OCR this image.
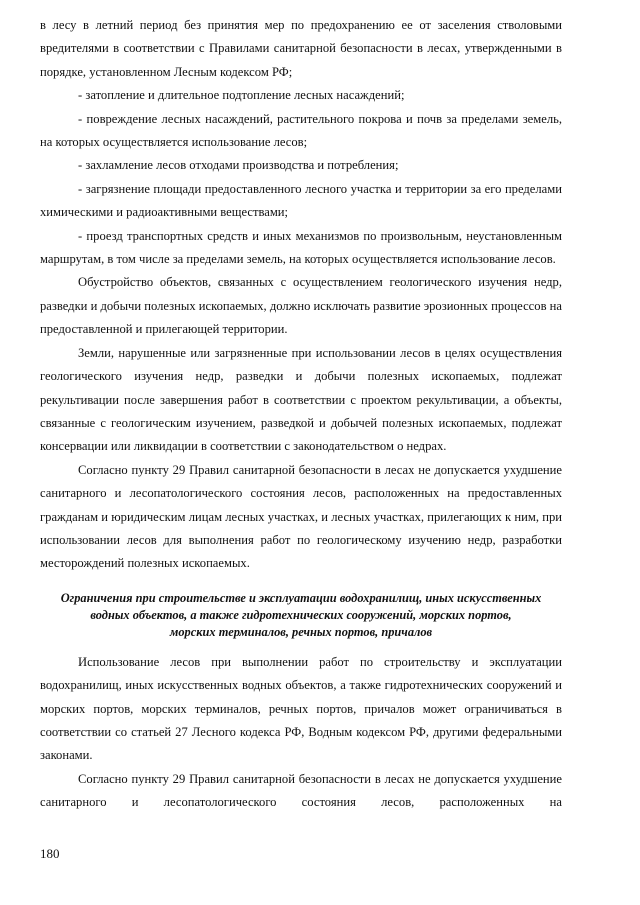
в лесу в летний период без принятия мер по предохранению ее от заселения стволовыми вредителями в соответствии с Правилами санитарной безопасности в лесах, утвержденными в порядке, установленном Лесным кодексом РФ;

- затопление и длительное подтопление лесных насаждений;

- повреждение лесных насаждений, растительного покрова и почв за пределами земель, на которых осуществляется использование лесов;

- захламление лесов отходами производства и потребления;

- загрязнение площади предоставленного лесного участка и территории за его пределами химическими и радиоактивными веществами;

- проезд транспортных средств и иных механизмов по произвольным, неустановленным маршрутам, в том числе за пределами земель, на которых осуществляется использование лесов.

Обустройство объектов, связанных с осуществлением геологического изучения недр, разведки и добычи полезных ископаемых, должно исключать развитие эрозионных процессов на предоставленной и прилегающей территории.

Земли, нарушенные или загрязненные при использовании лесов в целях осуществления геологического изучения недр, разведки и добычи полезных ископаемых, подлежат рекультивации после завершения работ в соответствии с проектом рекультивации, а объекты, связанные с геологическим изучением, разведкой и добычей полезных ископаемых, подлежат консервации или ликвидации в соответствии с законодательством о недрах.

Согласно пункту 29 Правил санитарной безопасности в лесах не допускается ухудшение санитарного и лесопатологического состояния лесов, расположенных на предоставленных гражданам и юридическим лицам лесных участках, и лесных участках, прилегающих к ним, при использовании лесов для выполнения работ по геологическому изучению недр, разработки месторождений полезных ископаемых.

Ограничения при строительстве и эксплуатации водохранилищ, иных искусственных
водных объектов, а также гидротехнических сооружений, морских портов,
морских терминалов, речных портов, причалов

Использование лесов при выполнении работ по строительству и эксплуатации водохранилищ, иных искусственных водных объектов, а также гидротехнических сооружений и морских портов, морских терминалов, речных портов, причалов может ограничиваться в соответствии со статьей 27 Лесного кодекса РФ, Водным кодексом РФ, другими федеральными законами.

Согласно пункту 29 Правил санитарной безопасности в лесах не допускается ухудшение санитарного и лесопатологического состояния лесов, расположенных на

180
